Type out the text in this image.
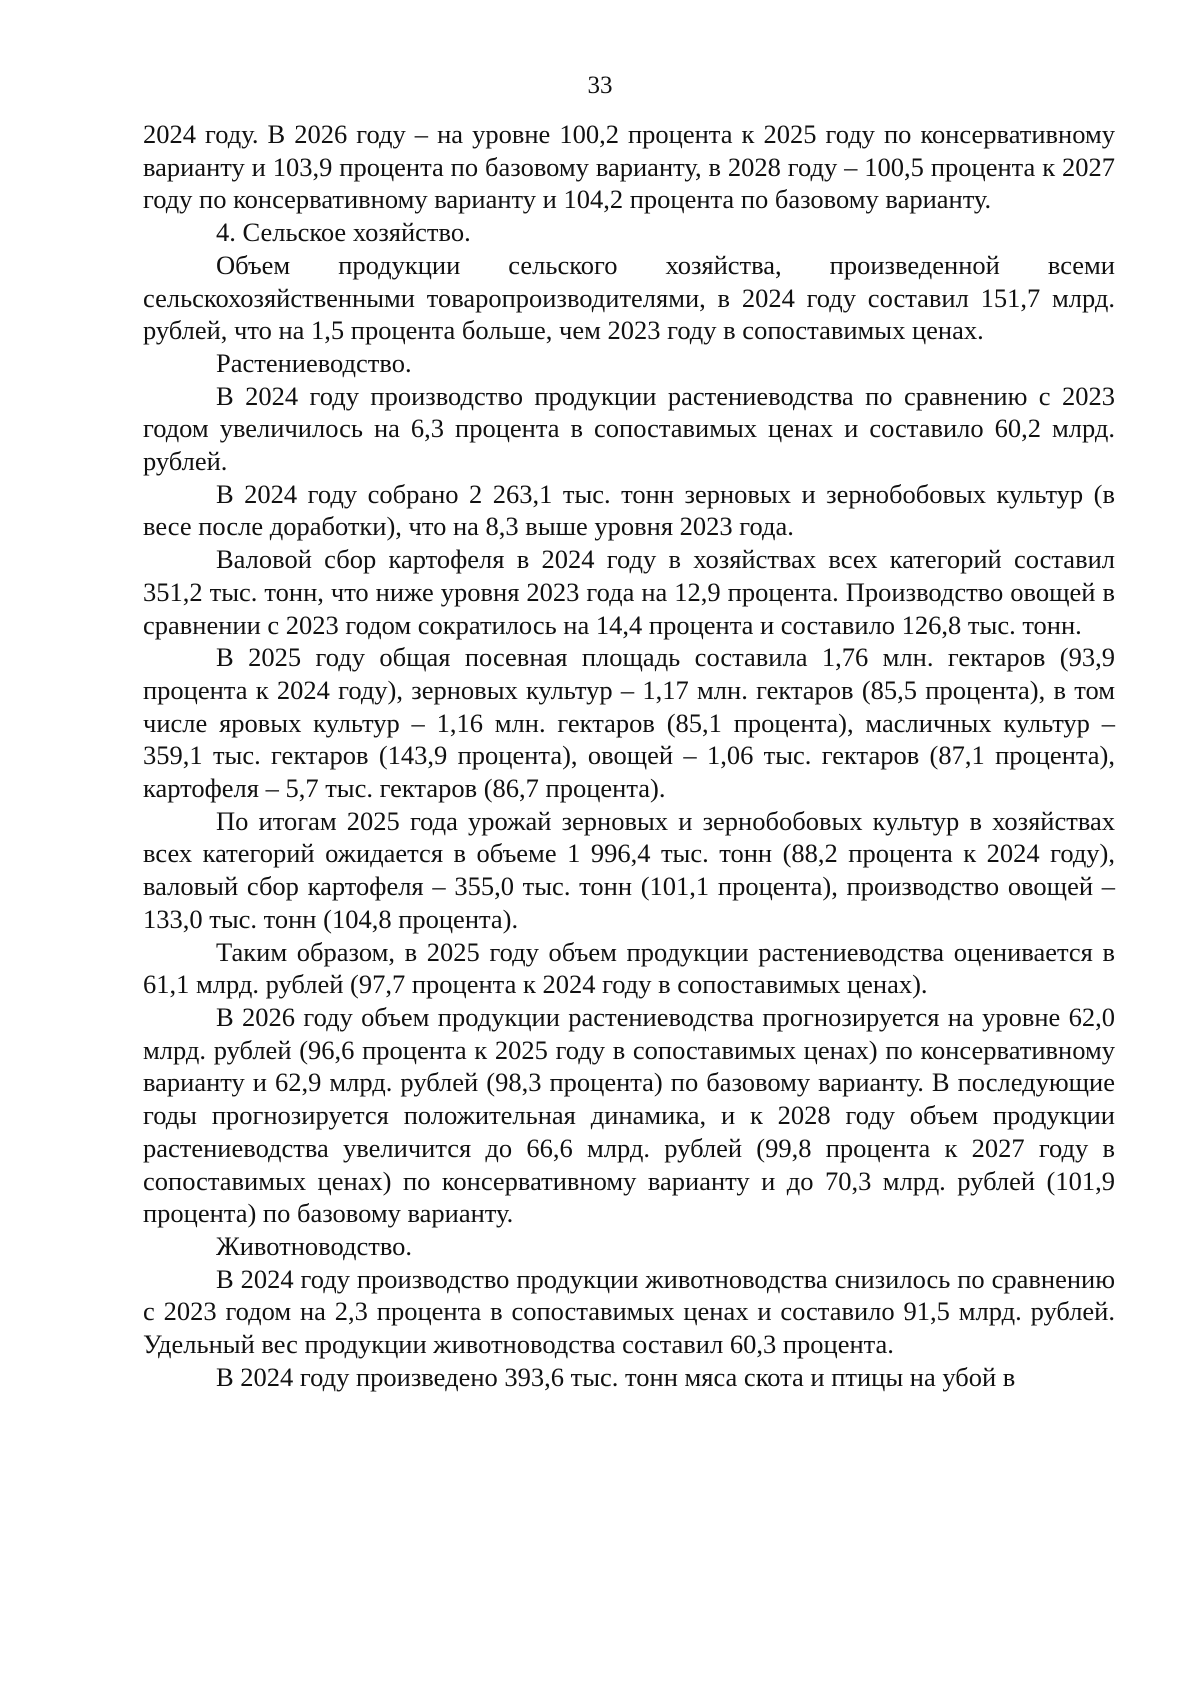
33

2024 году. В 2026 году – на уровне 100,2 процента к 2025 году по консервативному варианту и 103,9 процента по базовому варианту, в 2028 году – 100,5 процента к 2027 году по консервативному варианту и 104,2 процента по базовому варианту.

4. Сельское хозяйство.

Объем продукции сельского хозяйства, произведенной всеми сельскохозяйственными товаропроизводителями, в 2024 году составил 151,7 млрд. рублей, что на 1,5 процента больше, чем 2023 году в сопоставимых ценах.

Растениеводство.

В 2024 году производство продукции растениеводства по сравнению с 2023 годом увеличилось на 6,3 процента в сопоставимых ценах и составило 60,2 млрд. рублей.

В 2024 году собрано 2 263,1 тыс. тонн зерновых и зернобобовых культур (в весе после доработки), что на 8,3 выше уровня 2023 года.

Валовой сбор картофеля в 2024 году в хозяйствах всех категорий составил 351,2 тыс. тонн, что ниже уровня 2023 года на 12,9 процента. Производство овощей в сравнении с 2023 годом сократилось на 14,4 процента и составило 126,8 тыс. тонн.

В 2025 году общая посевная площадь составила 1,76 млн. гектаров (93,9 процента к 2024 году), зерновых культур – 1,17 млн. гектаров (85,5 процента), в том числе яровых культур – 1,16 млн. гектаров (85,1 процента), масличных культур – 359,1 тыс. гектаров (143,9 процента), овощей – 1,06 тыс. гектаров (87,1 процента), картофеля – 5,7 тыс. гектаров (86,7 процента).

По итогам 2025 года урожай зерновых и зернобобовых культур в хозяйствах всех категорий ожидается в объеме 1 996,4 тыс. тонн (88,2 процента к 2024 году), валовый сбор картофеля – 355,0 тыс. тонн (101,1 процента), производство овощей – 133,0 тыс. тонн (104,8 процента).

Таким образом, в 2025 году объем продукции растениеводства оценивается в 61,1 млрд. рублей (97,7 процента к 2024 году в сопоставимых ценах).

В 2026 году объем продукции растениеводства прогнозируется на уровне 62,0 млрд. рублей (96,6 процента к 2025 году в сопоставимых ценах) по консервативному варианту и 62,9 млрд. рублей (98,3 процента) по базовому варианту. В последующие годы прогнозируется положительная динамика, и к 2028 году объем продукции растениеводства увеличится до 66,6 млрд. рублей (99,8 процента к 2027 году в сопоставимых ценах) по консервативному варианту и до 70,3 млрд. рублей (101,9 процента) по базовому варианту.

Животноводство.

В 2024 году производство продукции животноводства снизилось по сравнению с 2023 годом на 2,3 процента в сопоставимых ценах и составило 91,5 млрд. рублей. Удельный вес продукции животноводства составил 60,3 процента.

В 2024 году произведено 393,6 тыс. тонн мяса скота и птицы на убой в
